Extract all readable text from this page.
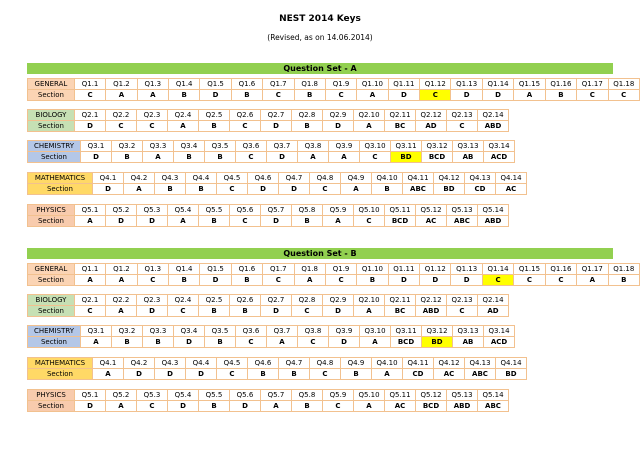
NEST 2014 Keys
(Revised, as on 14.06.2014)
Question Set - A
Question Set - B
GENERAL	Q1.1	Q1.2	Q1.3	Q1.4	Q1.5	Q1.6	Q1.7	Q1.8	Q1.9	Q1.10	Q1.11	Q1.12	Q1.13	Q1.14	Q1.15	Q1.16	Q1.17	Q1.18
Section	C	A	A	B	D	B	C	B	C	A	D	C	D	D	A	B	C	C
BIOLOGY	Q2.1	Q2.2	Q2.3	Q2.4	Q2.5	Q2.6	Q2.7	Q2.8	Q2.9	Q2.10	Q2.11	Q2.12	Q2.13	Q2.14
Section	D	C	C	A	B	C	D	B	D	A	BC	AD	C	ABD
CHEMISTRY	Q3.1	Q3.2	Q3.3	Q3.4	Q3.5	Q3.6	Q3.7	Q3.8	Q3.9	Q3.10	Q3.11	Q3.12	Q3.13	Q3.14
Section	D	B	A	B	B	C	D	A	A	C	BD	BCD	AB	ACD
MATHEMATICS	Q4.1	Q4.2	Q4.3	Q4.4	Q4.5	Q4.6	Q4.7	Q4.8	Q4.9	Q4.10	Q4.11	Q4.12	Q4.13	Q4.14
Section	D	A	B	B	C	D	D	C	A	B	ABC	BD	CD	AC
PHYSICS	Q5.1	Q5.2	Q5.3	Q5.4	Q5.5	Q5.6	Q5.7	Q5.8	Q5.9	Q5.10	Q5.11	Q5.12	Q5.13	Q5.14
Section	A	D	D	A	B	C	D	B	A	C	BCD	AC	ABC	ABD
GENERAL	Q1.1	Q1.2	Q1.3	Q1.4	Q1.5	Q1.6	Q1.7	Q1.8	Q1.9	Q1.10	Q1.11	Q1.12	Q1.13	Q1.14	Q1.15	Q1.16	Q1.17	Q1.18
Section	A	A	C	B	D	B	C	A	C	B	D	D	D	C	C	C	A	B
BIOLOGY	Q2.1	Q2.2	Q2.3	Q2.4	Q2.5	Q2.6	Q2.7	Q2.8	Q2.9	Q2.10	Q2.11	Q2.12	Q2.13	Q2.14
Section	C	A	D	C	B	B	D	C	D	A	BC	ABD	C	AD
CHEMISTRY	Q3.1	Q3.2	Q3.3	Q3.4	Q3.5	Q3.6	Q3.7	Q3.8	Q3.9	Q3.10	Q3.11	Q3.12	Q3.13	Q3.14
Section	A	B	B	D	B	C	A	C	D	A	BCD	BD	AB	ACD
MATHEMATICS	Q4.1	Q4.2	Q4.3	Q4.4	Q4.5	Q4.6	Q4.7	Q4.8	Q4.9	Q4.10	Q4.11	Q4.12	Q4.13	Q4.14
Section	A	D	D	D	C	B	B	C	B	A	CD	AC	ABC	BD
PHYSICS	Q5.1	Q5.2	Q5.3	Q5.4	Q5.5	Q5.6	Q5.7	Q5.8	Q5.9	Q5.10	Q5.11	Q5.12	Q5.13	Q5.14
Section	D	A	C	D	B	D	A	B	C	A	AC	BCD	ABD	ABC
